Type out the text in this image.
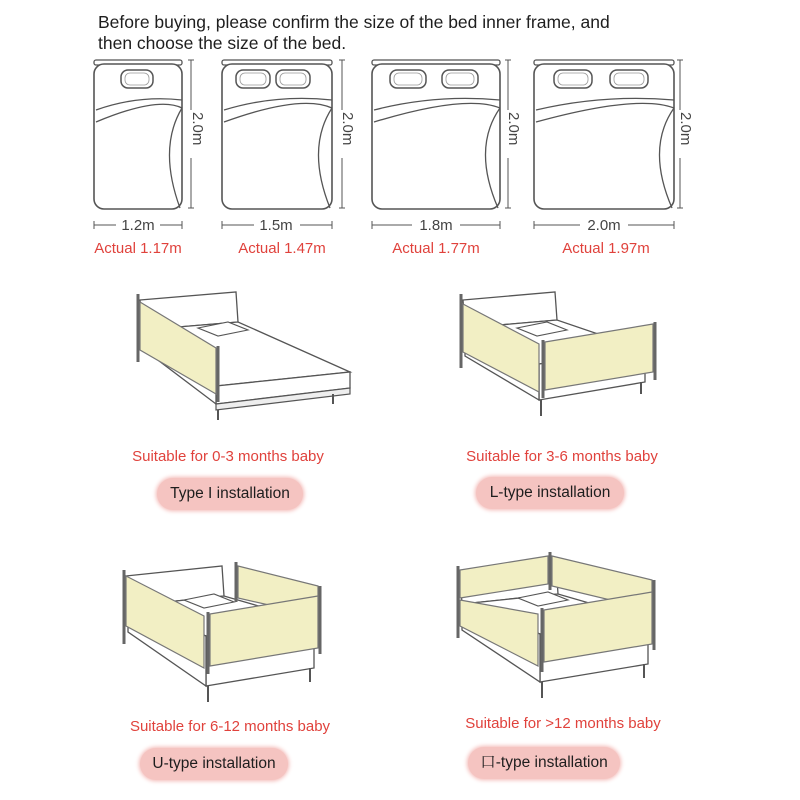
Before buying, please confirm the size of the bed inner frame, and
then choose the size of the bed.
2.0m
1.2m
Actual 1.17m
2.0m
1.5m
Actual 1.47m
2.0m
1.8m
Actual 1.77m
2.0m
2.0m
Actual 1.97m
Suitable for 0-3 months baby
Type I installation
Suitable for 3-6 months baby
L-type installation
Suitable for 6-12 months baby
U-type installation
Suitable for >12 months baby
口-type installation
